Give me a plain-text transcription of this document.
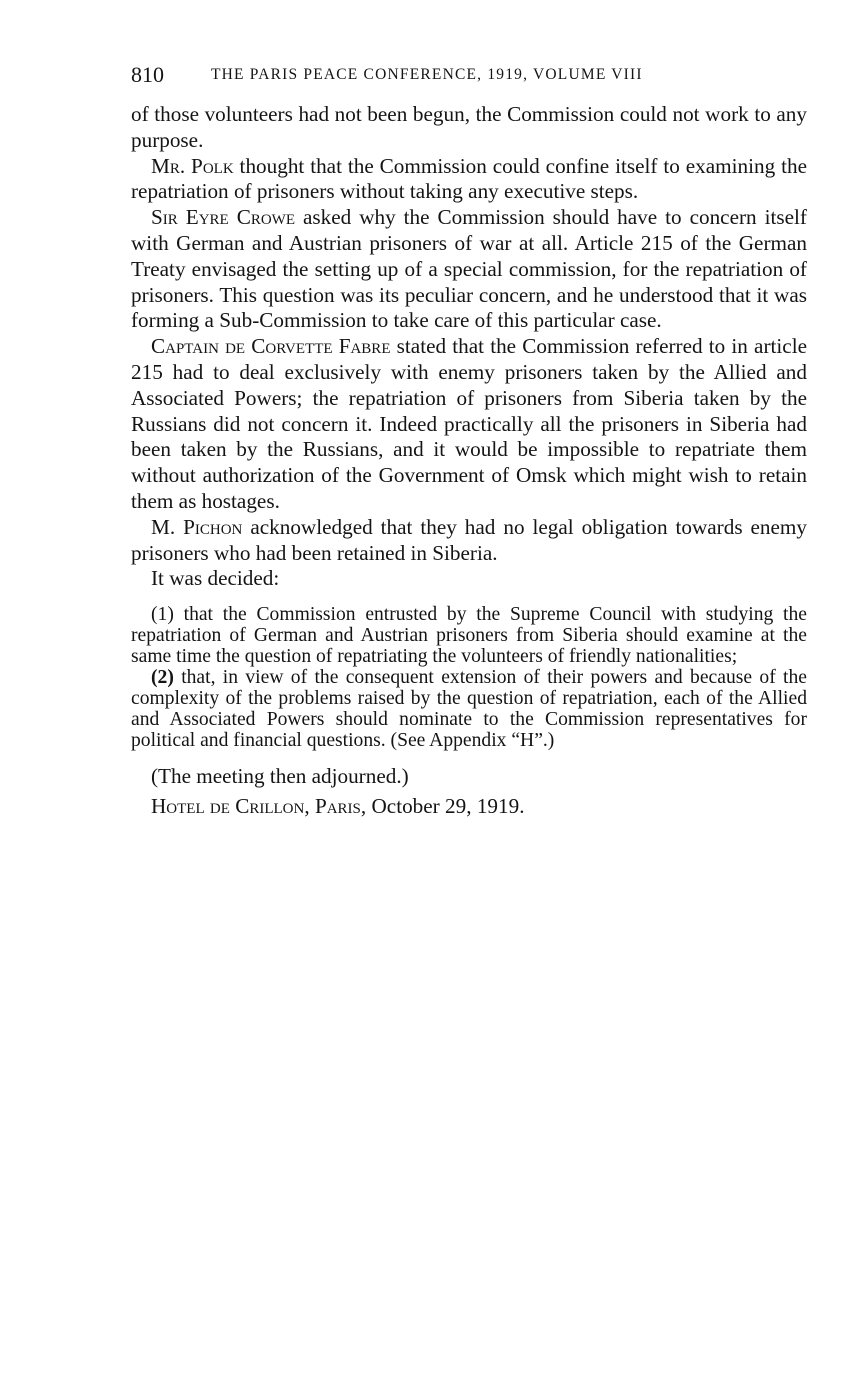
810	THE PARIS PEACE CONFERENCE, 1919, VOLUME VIII

of those volunteers had not been begun, the Commission could not work to any purpose.

Mr. Polk thought that the Commission could confine itself to examining the repatriation of prisoners without taking any executive steps.

Sir Eyre Crowe asked why the Commission should have to concern itself with German and Austrian prisoners of war at all. Article 215 of the German Treaty envisaged the setting up of a special commission, for the repatriation of prisoners. This question was its peculiar concern, and he understood that it was forming a Sub-Commission to take care of this particular case.

Captain de Corvette Fabre stated that the Commission referred to in article 215 had to deal exclusively with enemy prisoners taken by the Allied and Associated Powers; the repatriation of prisoners from Siberia taken by the Russians did not concern it. Indeed practically all the prisoners in Siberia had been taken by the Russians, and it would be impossible to repatriate them without authorization of the Government of Omsk which might wish to retain them as hostages.

M. Pichon acknowledged that they had no legal obligation towards enemy prisoners who had been retained in Siberia.

It was decided:

(1) that the Commission entrusted by the Supreme Council with studying the repatriation of German and Austrian prisoners from Siberia should examine at the same time the question of repatriating the volunteers of friendly nationalities;

(2) that, in view of the consequent extension of their powers and because of the complexity of the problems raised by the question of repatriation, each of the Allied and Associated Powers should nominate to the Commission representatives for political and financial questions. (See Appendix “H”.)

(The meeting then adjourned.)

Hotel de Crillon, Paris, October 29, 1919.
